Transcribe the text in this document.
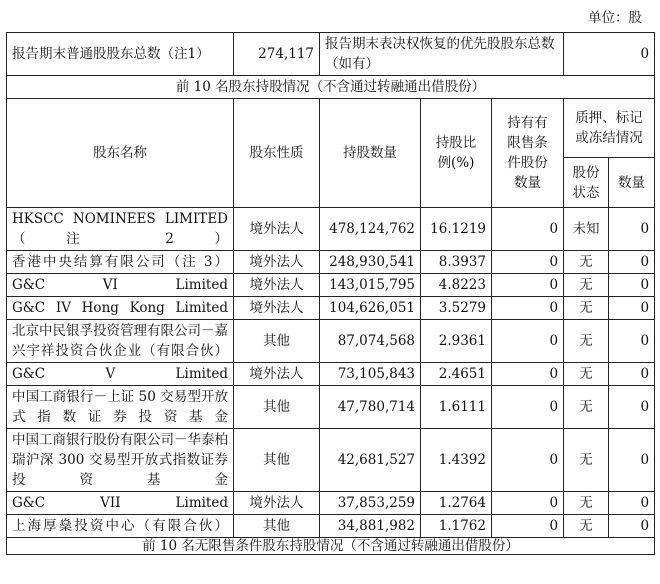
单位：股
报告期末普通股股东总数（注1）	274,117	报告期末表决权恢复的优先股股东总数（如有）			0	
前 10 名股东持股情况（不含通过转融通出借股份）						
股东名称	股东性质	持股数量	持股比例(%)	持有有限售条件股份数量	质押、标记或冻结情况	
					股份状态	数量
HKSCC NOMINEES LIMITED（注 2）	境外法人	478,124,762	16.1219	0	未知	0
香港中央结算有限公司（注 3）	境外法人	248,930,541	8.3937	0	无	0
G&C VI Limited	境外法人	143,015,795	4.8223	0	无	0
G&C IV Hong Kong Limited	境外法人	104,626,051	3.5279	0	无	0
北京中民银孚投资管理有限公司－嘉兴宇祥投资合伙企业（有限合伙）	其他	87,074,568	2.9361	0	无	0
G&C V Limited	境外法人	73,105,843	2.4651	0	无	0
中国工商银行－上证 50 交易型开放式指数证券投资基金	其他	47,780,714	1.6111	0	无	0
中国工商银行股份有限公司－华泰柏瑞沪深 300 交易型开放式指数证券投资基金	其他	42,681,527	1.4392	0	无	0
G&C VII Limited	境外法人	37,853,259	1.2764	0	无	0
上海厚燊投资中心（有限合伙）	其他	34,881,982	1.1762	0	无	0
前 10 名无限售条件股东持股情况（不含通过转融通出借股份）						
